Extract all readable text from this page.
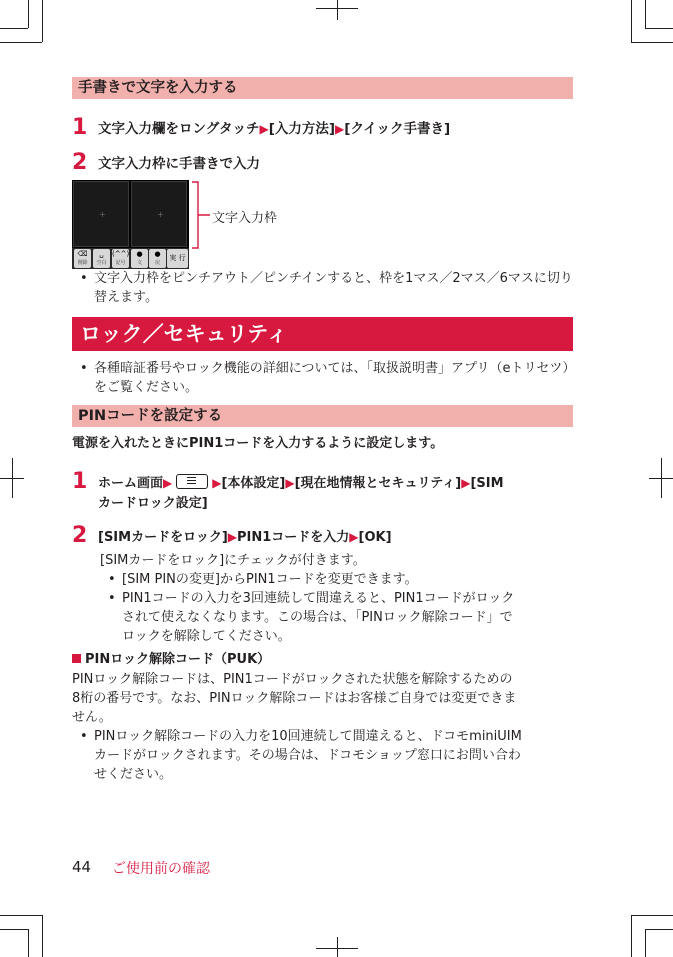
手書きで文字を入力する
1 文字入力欄をロングタッチ▶[入力方法]▶[クイック手書き]
2 文字入力枠に手書きで入力
+	+
⌫
削除
␣
空白
(^^)
記号
●
文
●
戻
実 行
文字入力枠
• 文字入力枠をピンチアウト／ピンチインすると、枠を1マス／2マス／6マスに切り替えます。
ロック／セキュリティ
• 各種暗証番号やロック機能の詳細については、「取扱説明書」アプリ（eトリセツ）をご覧ください。
PINコードを設定する
電源を入れたときにPIN1コードを入力するように設定します。
1 ホーム画面▶	▶[本体設定]▶[現在地情報とセキュリティ]▶[SIM
カードロック設定]
2 [SIMカードをロック]▶PIN1コードを入力▶[OK]
[SIMカードをロック]にチェックが付きます。
• [SIM PINの変更]からPIN1コードを変更できます。
• PIN1コードの入力を3回連続して間違えると、PIN1コードがロック
されて使えなくなります。この場合は、「PINロック解除コード」で
ロックを解除してください。
PINロック解除コード（PUK）
PINロック解除コードは、PIN1コードがロックされた状態を解除するための
8桁の番号です。なお、PINロック解除コードはお客様ご自身では変更できま
せん。
• PINロック解除コードの入力を10回連続して間違えると、ドコモminiUIM
カードがロックされます。その場合は、ドコモショップ窓口にお問い合わ
せください。
44 ご使用前の確認
